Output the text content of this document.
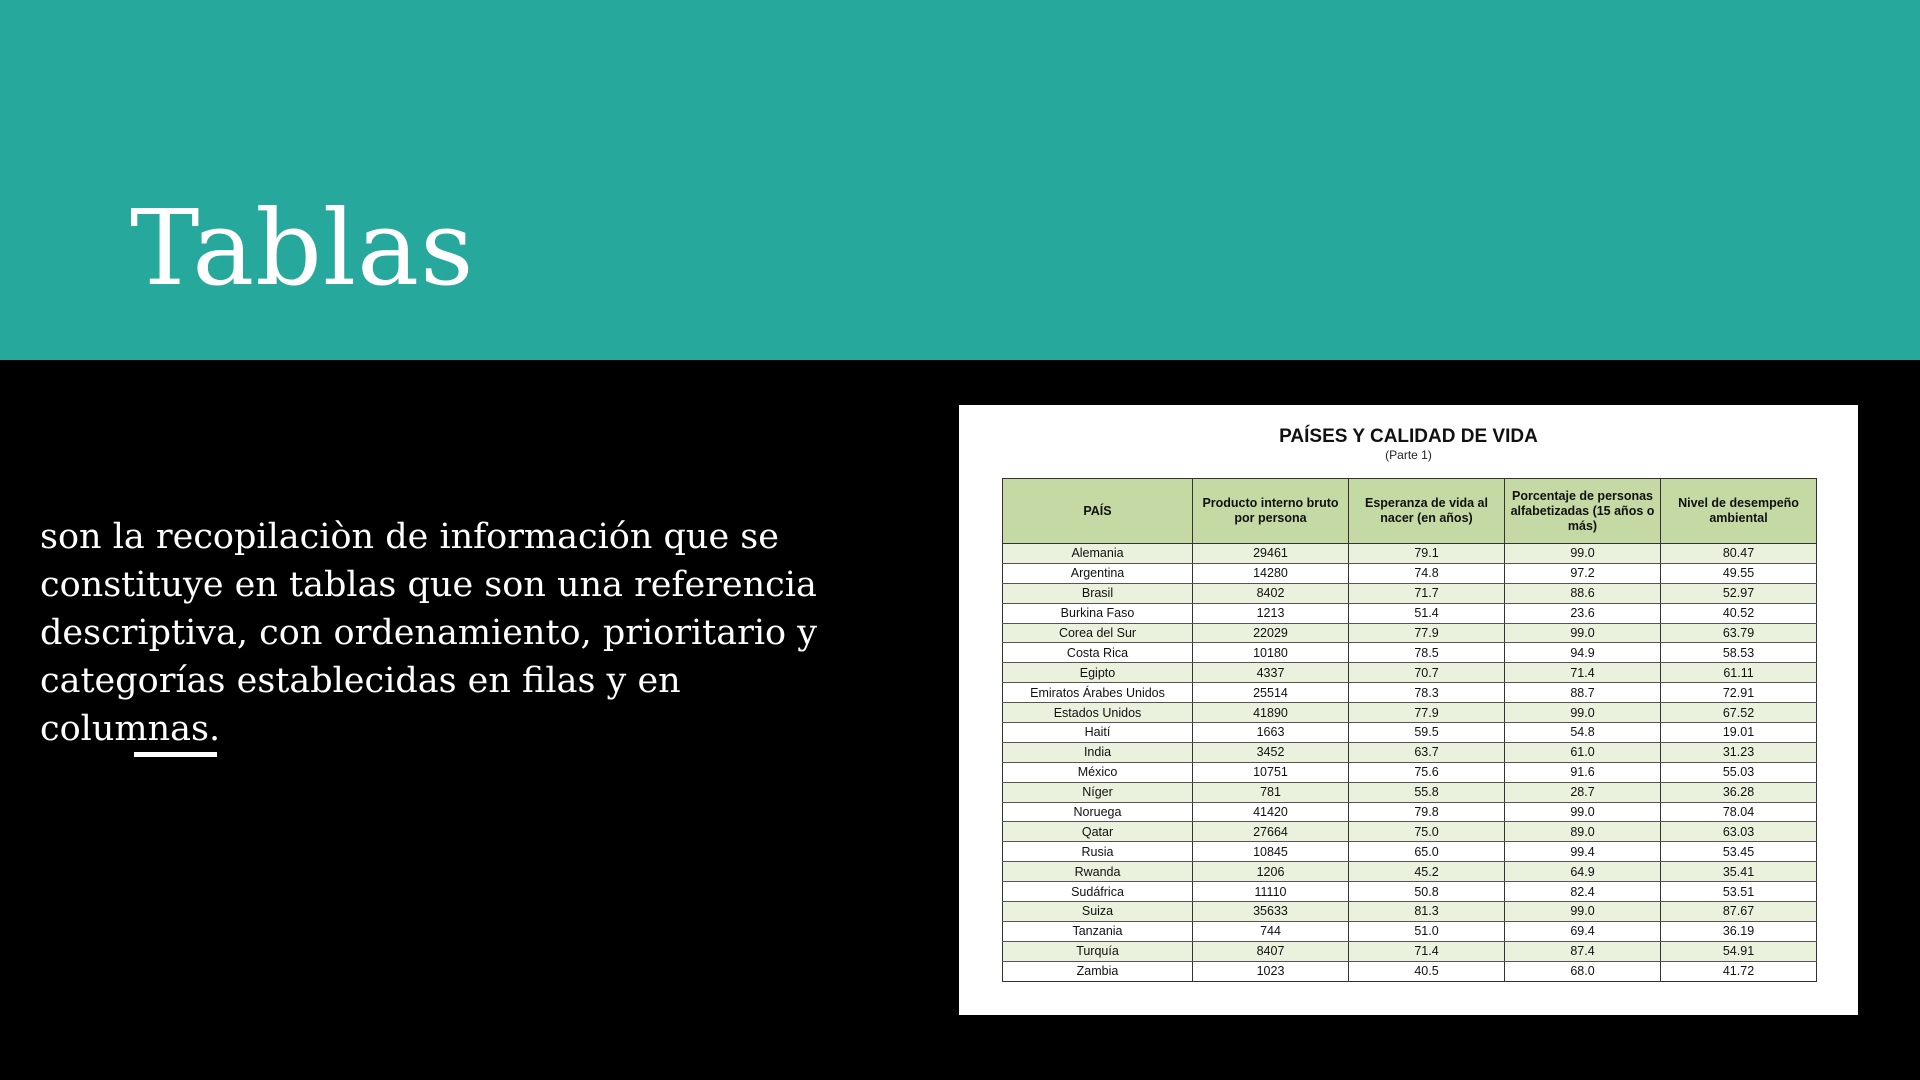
Tablas

son la recopilaciòn de información que se constituye en tablas que son una referencia descriptiva, con ordenamiento, prioritario y categorías establecidas en filas y en columnas.

PAÍSES Y CALIDAD DE VIDA
(Parte 1)
PAÍS	Producto interno bruto por persona	Esperanza de vida al nacer (en años)	Porcentaje de personas alfabetizadas (15 años o más)	Nivel de desempeño ambiental
Alemania	29461	79.1	99.0	80.47
Argentina	14280	74.8	97.2	49.55
Brasil	8402	71.7	88.6	52.97
Burkina Faso	1213	51.4	23.6	40.52
Corea del Sur	22029	77.9	99.0	63.79
Costa Rica	10180	78.5	94.9	58.53
Egipto	4337	70.7	71.4	61.11
Emiratos Árabes Unidos	25514	78.3	88.7	72.91
Estados Unidos	41890	77.9	99.0	67.52
Haití	1663	59.5	54.8	19.01
India	3452	63.7	61.0	31.23
México	10751	75.6	91.6	55.03
Níger	781	55.8	28.7	36.28
Noruega	41420	79.8	99.0	78.04
Qatar	27664	75.0	89.0	63.03
Rusia	10845	65.0	99.4	53.45
Rwanda	1206	45.2	64.9	35.41
Sudáfrica	11110	50.8	82.4	53.51
Suiza	35633	81.3	99.0	87.67
Tanzania	744	51.0	69.4	36.19
Turquía	8407	71.4	87.4	54.91
Zambia	1023	40.5	68.0	41.72
